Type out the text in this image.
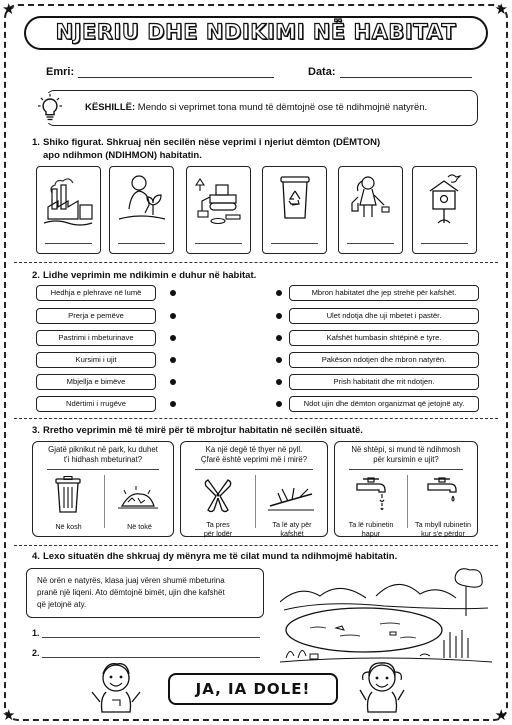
★	★
★	★
NJERIU DHE NDIKIMI NË HABITAT
Emri:	Data:
KËSHILLË: Mendo si veprimet tona mund të dëmtojnë ose të ndihmojnë natyrën.
1. Shiko figurat. Shkruaj nën secilën nëse veprimi i njeriut dëmton (DËMTON)
apo ndihmon (NDIHMON) habitatin.
2. Lidhe veprimin me ndikimin e duhur në habitat.
Hedhja e plehrave në lumë
Prerja e pemëve
Pastrimi i mbeturinave
Kursimi i ujit
Mbjellja e bimëve
Ndërtimi i rrugëve
Mbron habitatet dhe jep strehë për kafshët.
Ulet ndotja dhe uji mbetet i pastër.
Kafshët humbasin shtëpinë e tyre.
Pakëson ndotjen dhe mbron natyrën.
Prish habitatit dhe rrit ndotjen.
Ndot ujin dhe dëmton organizmat që jetojnë aty.
3. Rretho veprimin më të mirë për të mbrojtur habitatin në secilën situatë.
Gjatë piknikut në park, ku duhet
t'i hidhash mbeturinat?
Në kosh	Në tokë
Ka një degë të thyer në pyll.
Çfarë është veprimi më i mirë?
Ta pres
për lodër
Ta lë aty për
kafshët
Në shtëpi, si mund të ndihmosh
për kursimin e ujit?
Ta lë rubinetin
hapur
Ta mbyll rubinetin
kur s'e përdor
4. Lexo situatën dhe shkruaj dy mënyra me të cilat mund ta ndihmojmë habitatin.
Në orën e natyrës, klasa juaj vëren shumë mbeturina
pranë një liqeni. Ato dëmtojnë bimët, ujin dhe kafshët
që jetojnë aty.
1.
2.
JA, IA DOLE!
